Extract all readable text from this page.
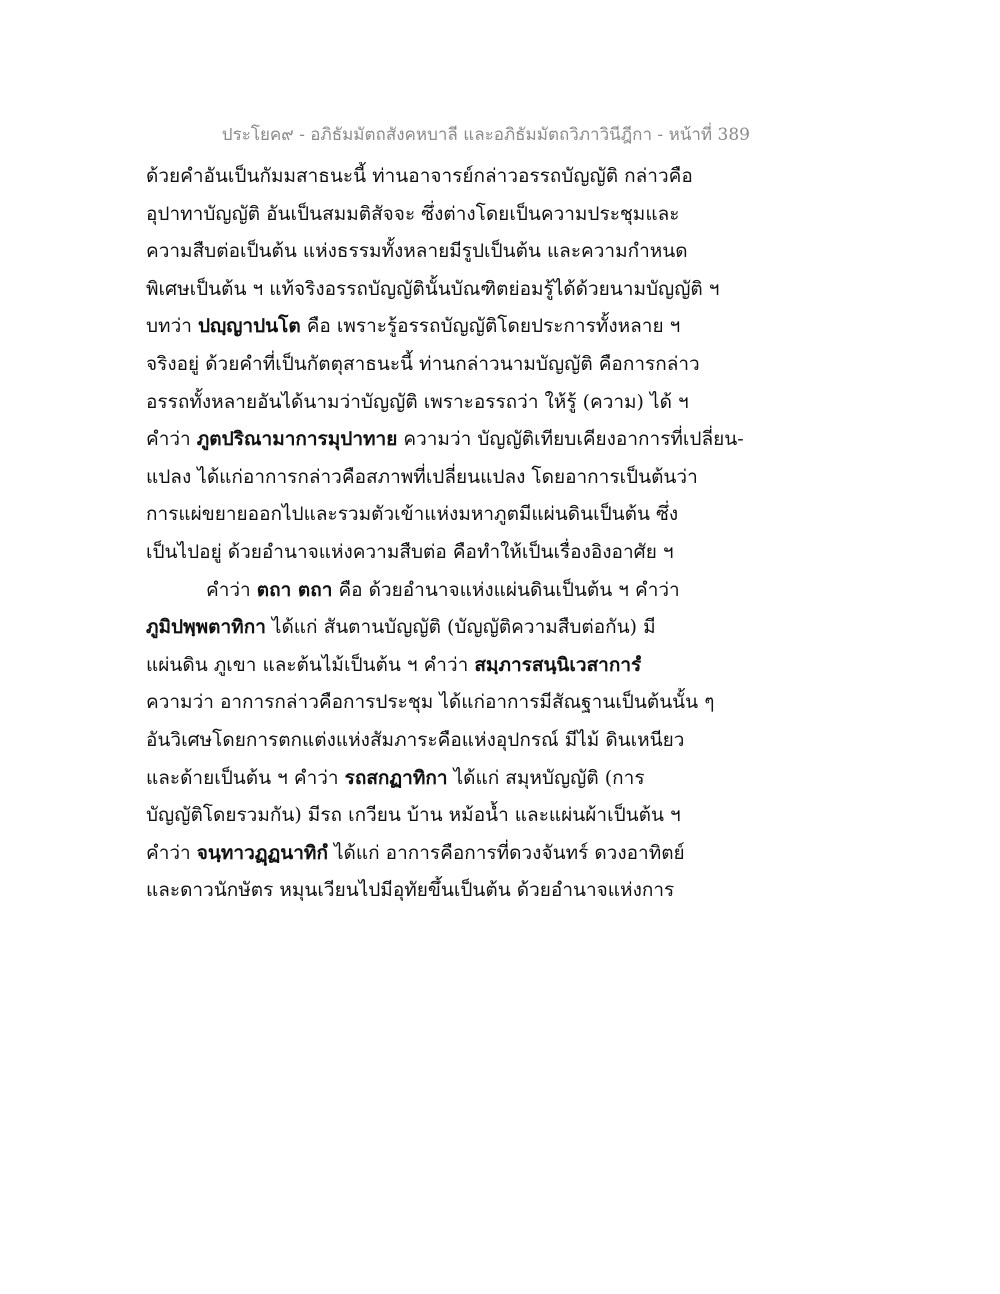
ประโยค๙ - อภิธัมมัตถสังคหบาลี และอภิธัมมัตถวิภาวินีฎีกา - หน้าที่ 389
ด้วยคำอันเป็นกัมมสาธนะนี้ ท่านอาจารย์กล่าวอรรถบัญญัติ กล่าวคือ
อุปาทาบัญญัติ อันเป็นสมมติสัจจะ ซึ่งต่างโดยเป็นความประชุมและ
ความสืบต่อเป็นต้น แห่งธรรมทั้งหลายมีรูปเป็นต้น และความกำหนด
พิเศษเป็นต้น ฯ แท้จริงอรรถบัญญัตินั้นบัณฑิตย่อมรู้ได้ด้วยนามบัญญัติ ฯ
บทว่า ปญฺญาปนโต คือ เพราะรู้อรรถบัญญัติโดยประการทั้งหลาย ฯ
จริงอยู่ ด้วยคำที่เป็นกัตตุสาธนะนี้ ท่านกล่าวนามบัญญัติ คือการกล่าว
อรรถทั้งหลายอันได้นามว่าบัญญัติ เพราะอรรถว่า ให้รู้ (ความ) ได้ ฯ
คำว่า ภูตปริณามาการมุปาทาย ความว่า บัญญัติเทียบเคียงอาการที่เปลี่ยน-
แปลง ได้แก่อาการกล่าวคือสภาพที่เปลี่ยนแปลง โดยอาการเป็นต้นว่า
การแผ่ขยายออกไปและรวมตัวเข้าแห่งมหาภูตมีแผ่นดินเป็นต้น ซึ่ง
เป็นไปอยู่ ด้วยอำนาจแห่งความสืบต่อ คือทำให้เป็นเรื่องอิงอาศัย ฯ
คำว่า ตถา ตถา คือ ด้วยอำนาจแห่งแผ่นดินเป็นต้น ฯ คำว่า
ภูมิปพฺพตาทิกา ได้แก่ สันตานบัญญัติ (บัญญัติความสืบต่อกัน) มี
แผ่นดิน ภูเขา และต้นไม้เป็นต้น ฯ คำว่า สมฺภารสนฺนิเวสาการํ
ความว่า อาการกล่าวคือการประชุม ได้แก่อาการมีสัณฐานเป็นต้นนั้น ๆ
อันวิเศษโดยการตกแต่งแห่งสัมภาระคือแห่งอุปกรณ์ มีไม้ ดินเหนียว
และด้ายเป็นต้น ฯ คำว่า รถสกฏาทิกา ได้แก่ สมุหบัญญัติ (การ
บัญญัติโดยรวมกัน) มีรถ เกวียน บ้าน หม้อน้ำ และแผ่นผ้าเป็นต้น ฯ
คำว่า จนฺทาวฏฺฏนาทิกํ ได้แก่ อาการคือการที่ดวงจันทร์ ดวงอาทิตย์
และดาวนักษัตร หมุนเวียนไปมีอุทัยขึ้นเป็นต้น ด้วยอำนาจแห่งการ
